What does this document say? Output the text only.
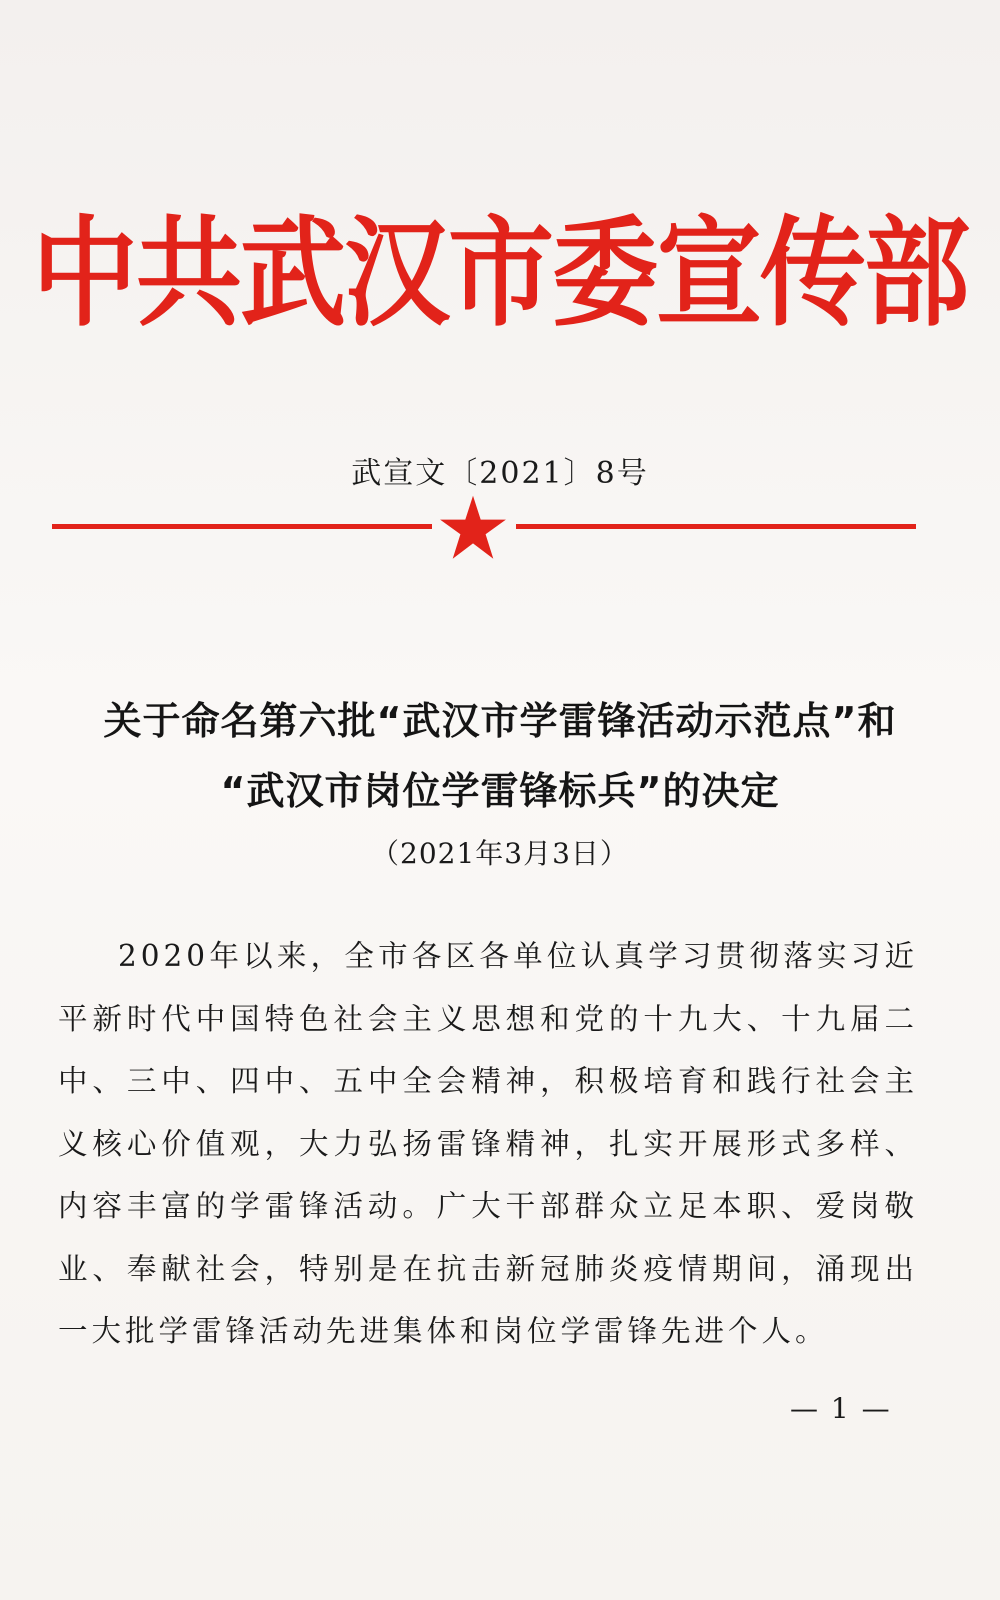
中共武汉市委宣传部
武宣文〔2021〕8号
关于命名第六批“武汉市学雷锋活动示范点”和
“武汉市岗位学雷锋标兵”的决定
（2021年3月3日）

2020年以来，全市各区各单位认真学习贯彻落实习近平新时代中国特色社会主义思想和党的十九大、十九届二中、三中、四中、五中全会精神，积极培育和践行社会主义核心价值观，大力弘扬雷锋精神，扎实开展形式多样、内容丰富的学雷锋活动。广大干部群众立足本职、爱岗敬业、奉献社会，特别是在抗击新冠肺炎疫情期间，涌现出一大批学雷锋活动先进集体和岗位学雷锋先进个人。

— 1 —
